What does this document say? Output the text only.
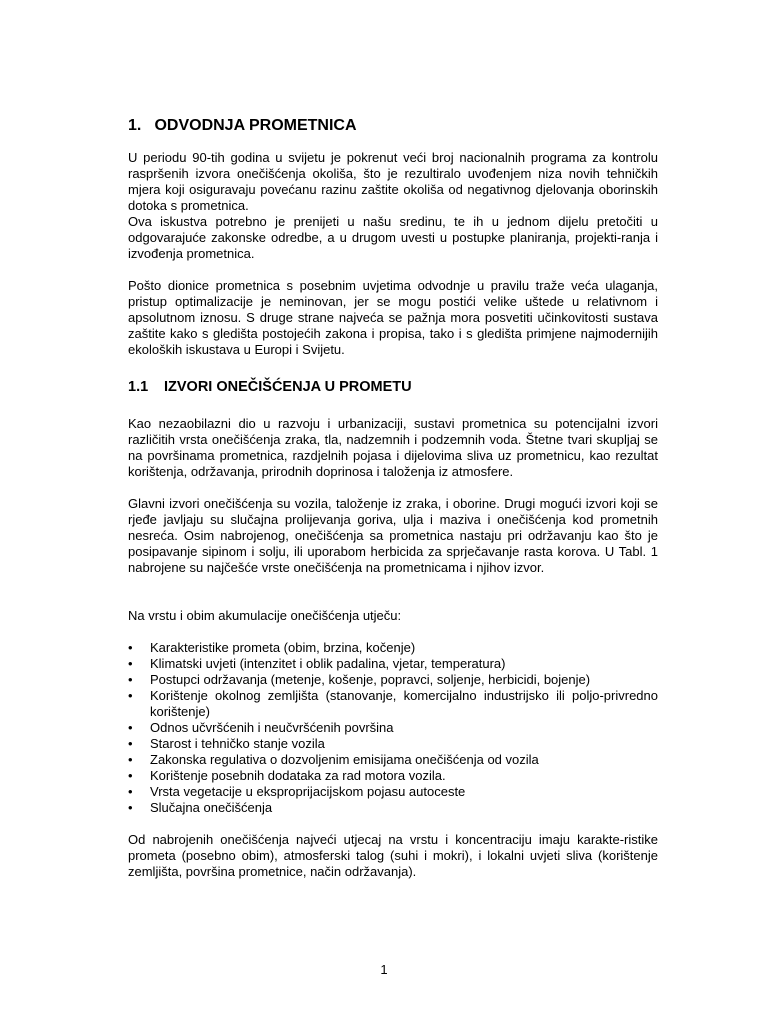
1. ODVODNJA PROMETNICA

U periodu 90-tih godina u svijetu je pokrenut veći broj nacionalnih programa za kontrolu raspršenih izvora onečišćenja okoliša, što je rezultiralo uvođenjem niza novih tehničkih mjera koji osiguravaju povećanu razinu zaštite okoliša od negativnog djelovanja oborinskih dotoka s prometnica.

Ova iskustva potrebno je prenijeti u našu sredinu, te ih u jednom dijelu pretočiti u odgovarajuće zakonske odredbe, a u drugom uvesti u postupke planiranja, projekti-ranja i izvođenja prometnica.

Pošto dionice prometnica s posebnim uvjetima odvodnje u pravilu traže veća ulaganja, pristup optimalizacije je neminovan, jer se mogu postići velike uštede u relativnom i apsolutnom iznosu. S druge strane najveća se pažnja mora posvetiti učinkovitosti sustava zaštite kako s gledišta postojećih zakona i propisa, tako i s gledišta primjene najmodernijih ekoloških iskustava u Europi i Svijetu.

1.1 IZVORI ONEČIŠĆENJA U PROMETU

Kao nezaobilazni dio u razvoju i urbanizaciji, sustavi prometnica su potencijalni izvori različitih vrsta onečišćenja zraka, tla, nadzemnih i podzemnih voda. Štetne tvari skupljaj se na površinama prometnica, razdjelnih pojasa i dijelovima sliva uz prometnicu, kao rezultat korištenja, održavanja, prirodnih doprinosa i taloženja iz atmosfere.

Glavni izvori onečišćenja su vozila, taloženje iz zraka, i oborine. Drugi mogući izvori koji se rjeđe javljaju su slučajna prolijevanja goriva, ulja i maziva i onečišćenja kod prometnih nesreća. Osim nabrojenog, onečišćenja sa prometnica nastaju pri održavanju kao što je posipavanje sipinom i solju, ili uporabom herbicida za sprječavanje rasta korova. U Tabl. 1 nabrojene su najčešće vrste onečišćenja na prometnicama i njihov izvor.

Na vrstu i obim akumulacije onečišćenja utječu:

• Karakteristike prometa (obim, brzina, kočenje)
• Klimatski uvjeti (intenzitet i oblik padalina, vjetar, temperatura)
• Postupci održavanja (metenje, košenje, popravci, soljenje, herbicidi, bojenje)
• Korištenje okolnog zemljišta (stanovanje, komercijalno industrijsko ili poljo-privredno korištenje)
• Odnos učvršćenih i neučvršćenih površina
• Starost i tehničko stanje vozila
• Zakonska regulativa o dozvoljenim emisijama onečišćenja od vozila
• Korištenje posebnih dodataka za rad motora vozila.
• Vrsta vegetacije u eksproprijacijskom pojasu autoceste
• Slučajna onečišćenja

Od nabrojenih onečišćenja najveći utjecaj na vrstu i koncentraciju imaju karakte-ristike prometa (posebno obim), atmosferski talog (suhi i mokri), i lokalni uvjeti sliva (korištenje zemljišta, površina prometnice, način održavanja).

1
